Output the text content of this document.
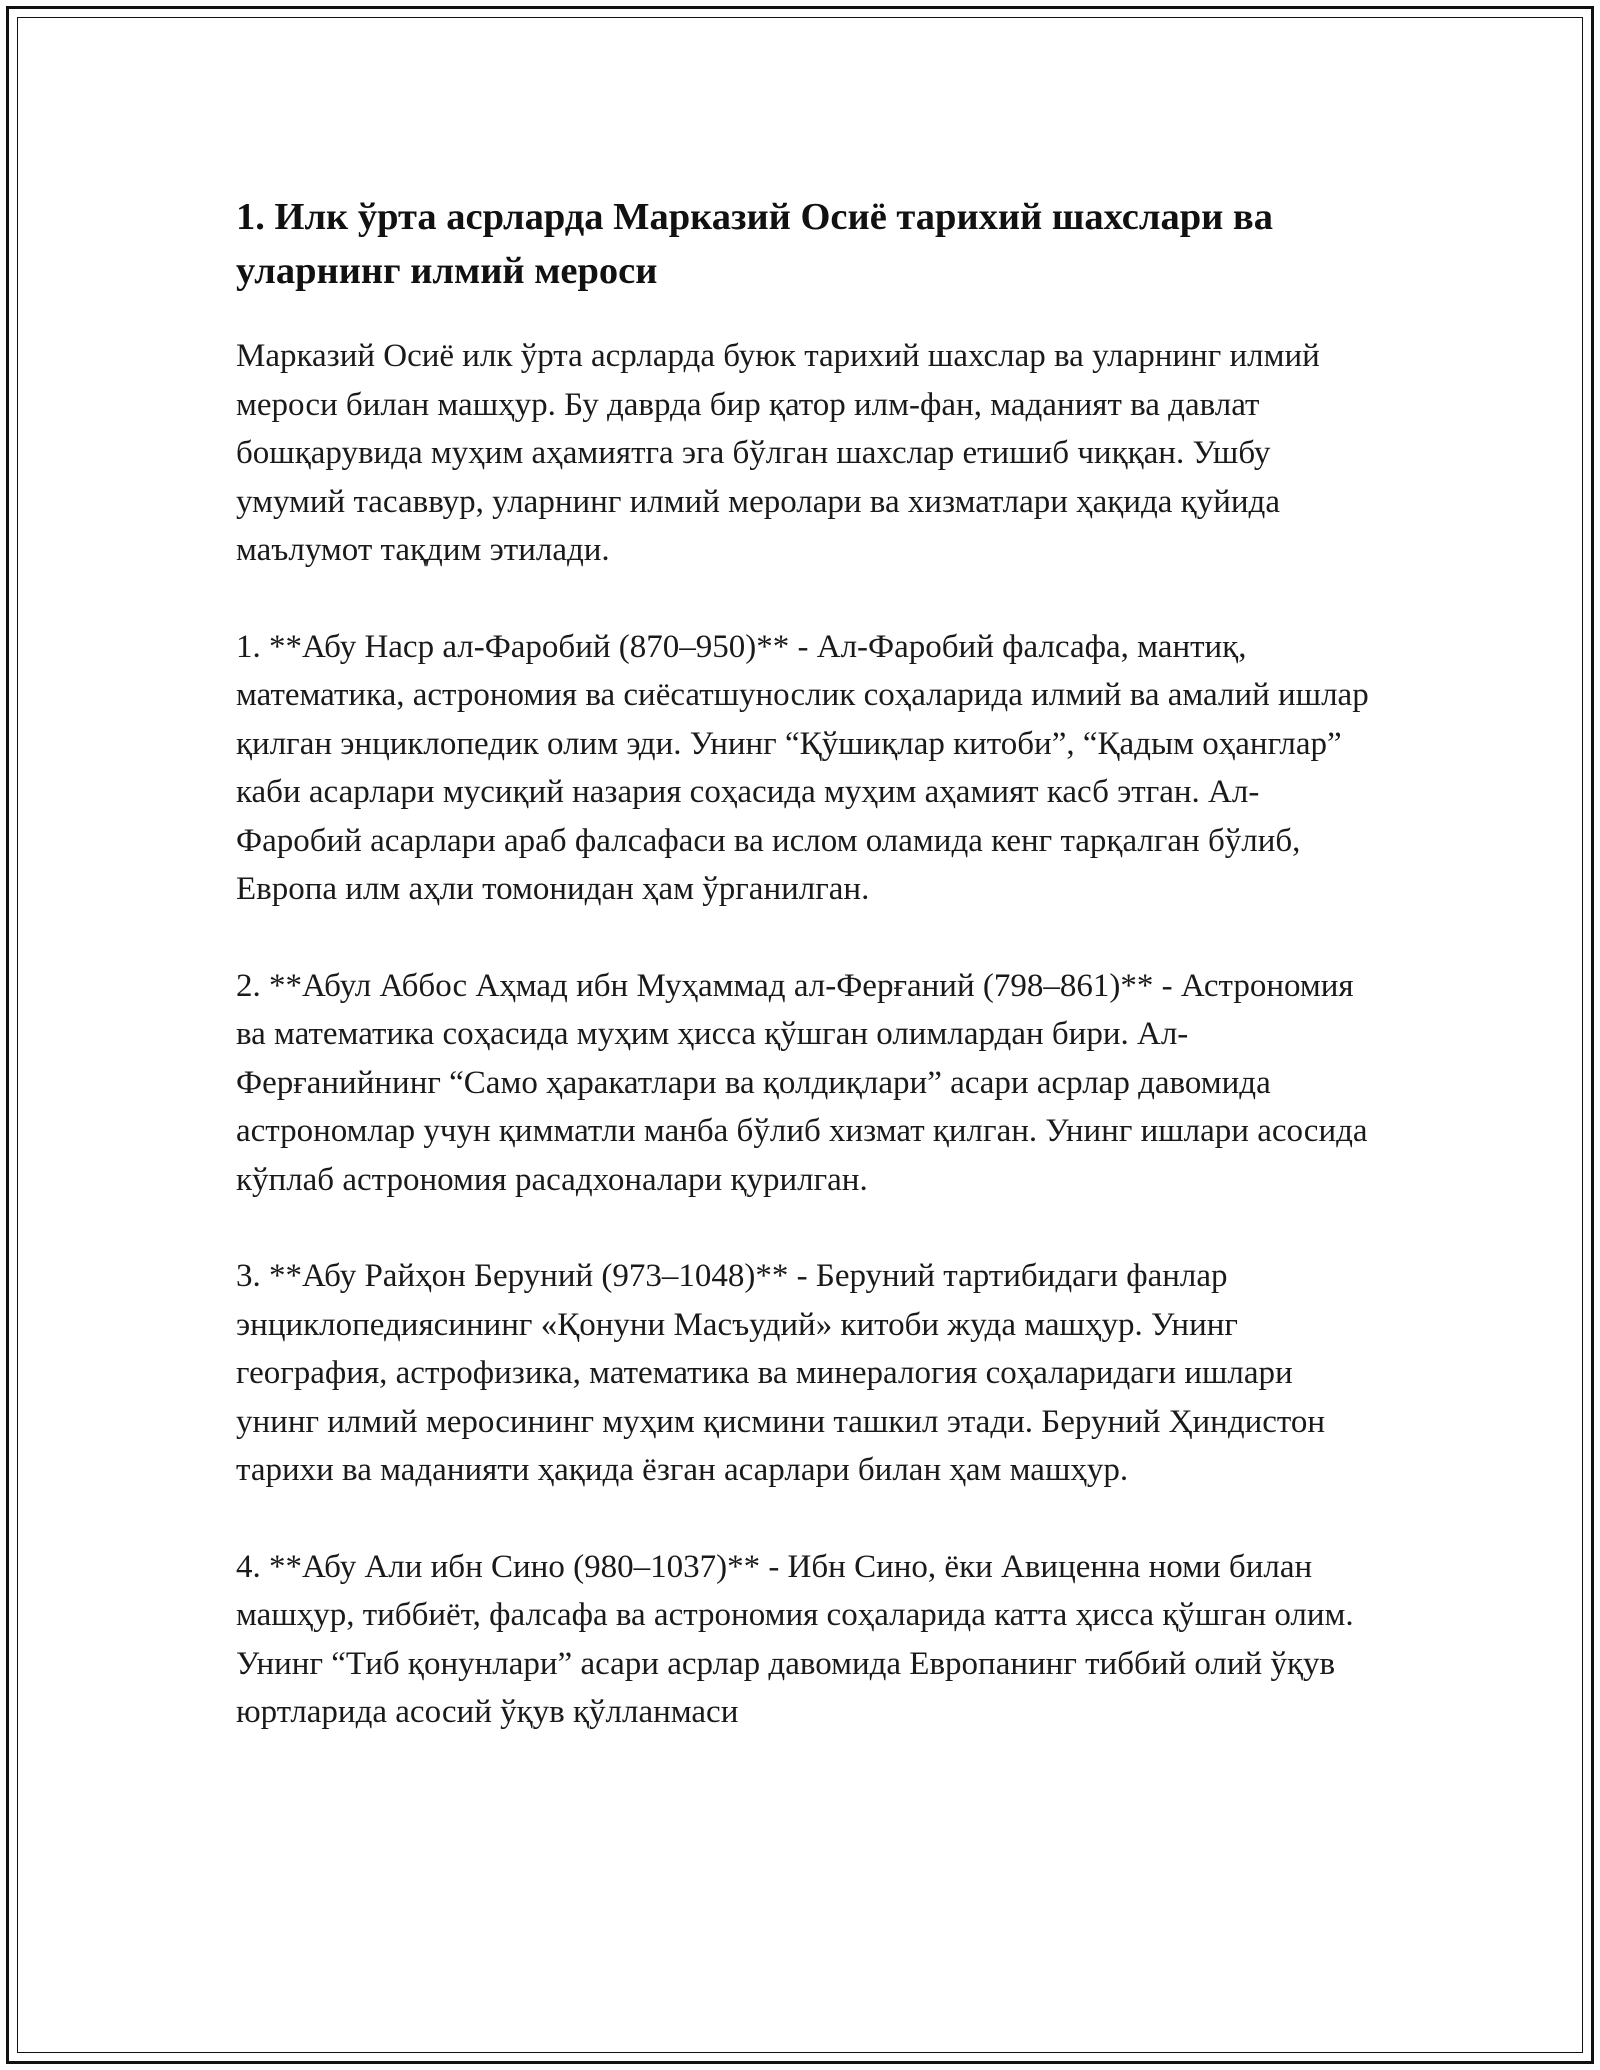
1. Илк ўрта асрларда Марказий Осиё тарихий шахслари ва уларнинг илмий мероси

Марказий Осиё илк ўрта асрларда буюк тарихий шахслар ва уларнинг илмий мероси билан машҳур. Бу даврда бир қатор илм-фан, маданият ва давлат бошқарувида муҳим аҳамиятга эга бўлган шахслар етишиб чиққан. Ушбу умумий тасаввур, уларнинг илмий меролари ва хизматлари ҳақида қуйида маълумот тақдим этилади.

1. **Абу Наср ал-Фаробий (870–950)** - Ал-Фаробий фалсафа, мантиқ, математика, астрономия ва сиёсатшунослик соҳаларида илмий ва амалий ишлар қилган энциклопедик олим эди. Унинг “Қўшиқлар китоби”, “Қадым оҳанглар” каби асарлари мусиқий назария соҳасида муҳим аҳамият касб этган. Ал-Фаробий асарлари араб фалсафаси ва ислом оламида кенг тарқалган бўлиб, Европа илм аҳли томонидан ҳам ўрганилган.

2. **Абул Аббос Аҳмад ибн Муҳаммад ал-Ферғаний (798–861)** - Астрономия ва математика соҳасида муҳим ҳисса қўшган олимлардан бири. Ал-Ферғанийнинг “Само ҳаракатлари ва қолдиқлари” асари асрлар давомида астрономлар учун қимматли манба бўлиб хизмат қилган. Унинг ишлари асосида кўплаб астрономия расадхоналари қурилган.

3. **Абу Райҳон Беруний (973–1048)** - Беруний тартибидаги фанлар энциклопедиясининг «Қонуни Масъудий» китоби жуда машҳур. Унинг география, астрофизика, математика ва минералогия соҳаларидаги ишлари унинг илмий меросининг муҳим қисмини ташкил этади. Беруний Ҳиндистон тарихи ва маданияти ҳақида ёзган асарлари билан ҳам машҳур.

4. **Абу Али ибн Сино (980–1037)** - Ибн Сино, ёки Авиценна номи билан машҳур, тиббиёт, фалсафа ва астрономия соҳаларида катта ҳисса қўшган олим. Унинг “Тиб қонунлари” асари асрлар давомида Европанинг тиббий олий ўқув юртларида асосий ўқув қўлланмаси
